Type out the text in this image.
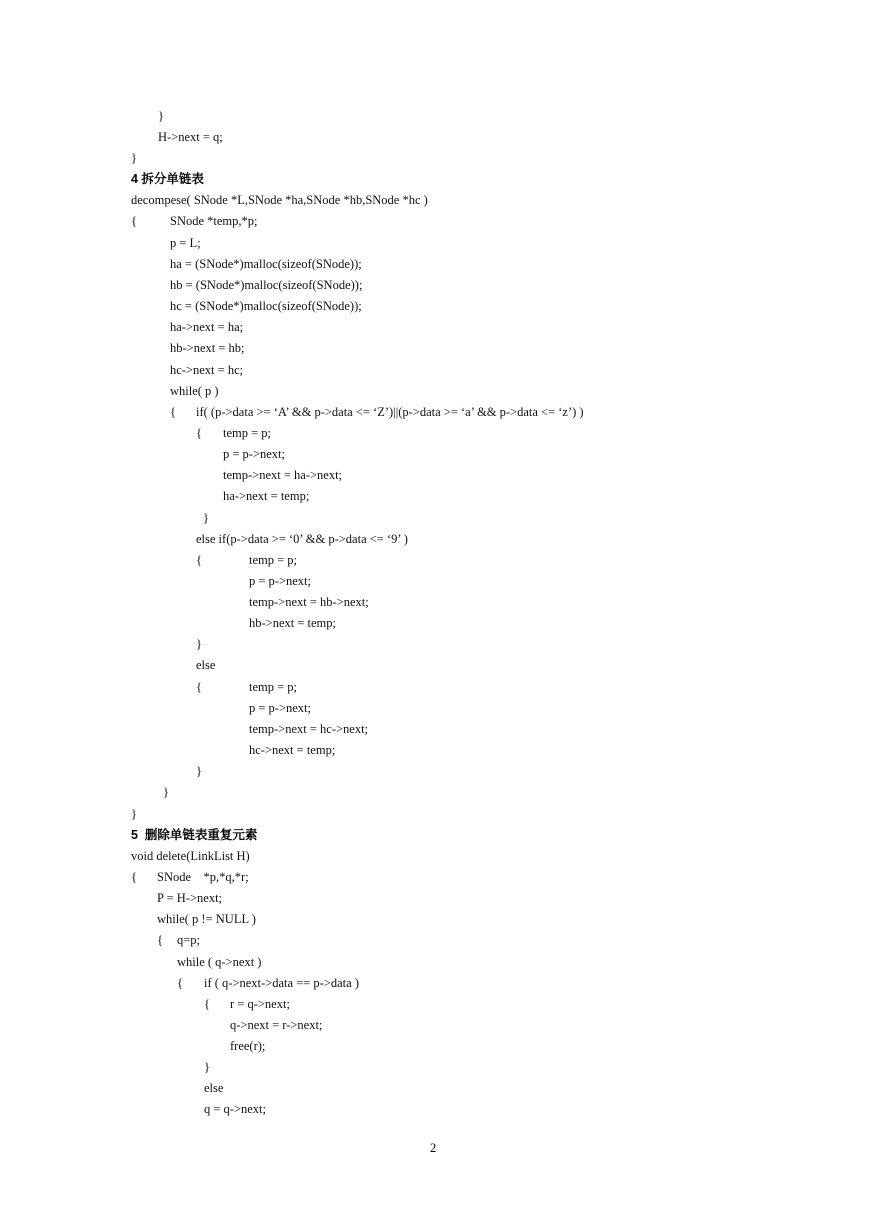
}
H->next = q;
}
4 拆分单链表
decompese( SNode *L,SNode *ha,SNode *hb,SNode *hc )
{	SNode *temp,*p;
p = L;
ha = (SNode*)malloc(sizeof(SNode));
hb = (SNode*)malloc(sizeof(SNode));
hc = (SNode*)malloc(sizeof(SNode));
ha->next = ha;
hb->next = hb;
hc->next = hc;
while( p )
{ if( (p->data >= ‘A’ && p->data <= ‘Z’)||(p->data >= ‘a’ && p->data <= ‘z’) )
{ temp = p;
p = p->next;
temp->next = ha->next;
ha->next = temp;
}
else if(p->data >= ‘0’ && p->data <= ‘9’ )
{	temp = p;
p = p->next;
temp->next = hb->next;
hb->next = temp;
}
else
{	temp = p;
p = p->next;
temp->next = hc->next;
hc->next = temp;
}
}
}
5  删除单链表重复元素
void delete(LinkList H)
{ SNode    *p,*q,*r;
P = H->next;
while( p != NULL )
{ q=p;
while ( q->next )
{ if ( q->next->data == p->data )
{ r = q->next;
q->next = r->next;
free(r);
}
else
q = q->next;
2
